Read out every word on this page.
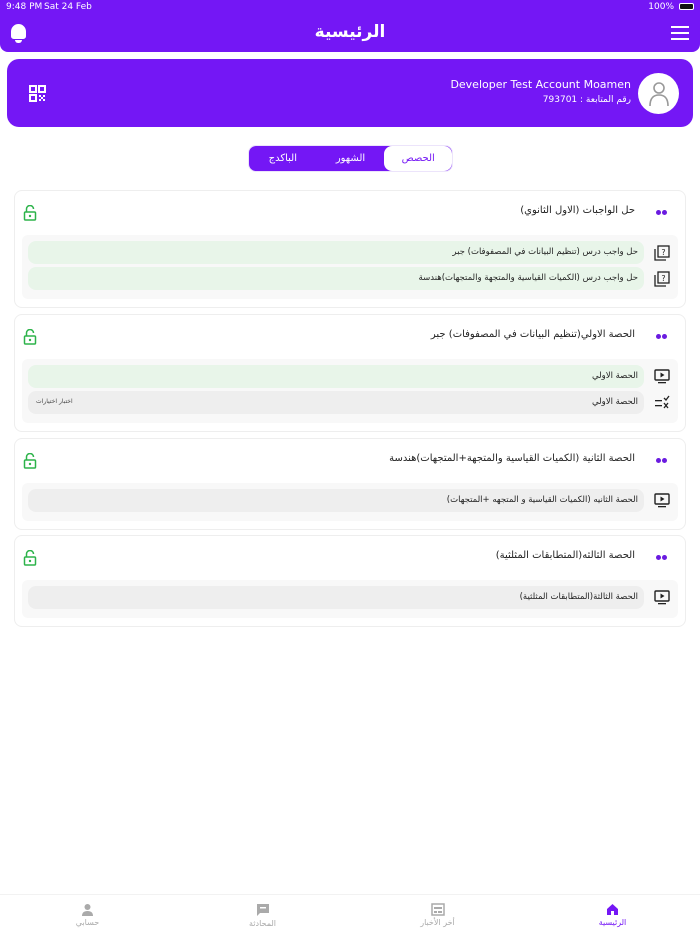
9:48 PM Sat 24 Feb	100%
الرئيسية
Developer Test Account Moamen
رقم المتابعة : 793701
الحصص
الشهور
الباكدج
حل الواجبات (الاول الثانوي)
?
حل واجب درس (تنظيم البيانات في المصفوفات) جبر
?
حل واجب درس (الكميات القياسية والمتجهة والمتجهات)هندسة
الحصة الاولي(تنظيم البيانات في المصفوفات) جبر
الحصة الاولي
الحصة الاولي
اختبار اختيارات
الحصة الثانية (الكميات القياسية والمتجهة+المتجهات)هندسة
الحصة الثانيه (الكميات القياسية و المتجهه +المتجهات)
الحصة الثالثه(المتطابقات المثلثية)
الحصة الثالثة(المتطابقات المثلثية)
الرئيسية
أخر الأخبار
المحادثة
حسابي
